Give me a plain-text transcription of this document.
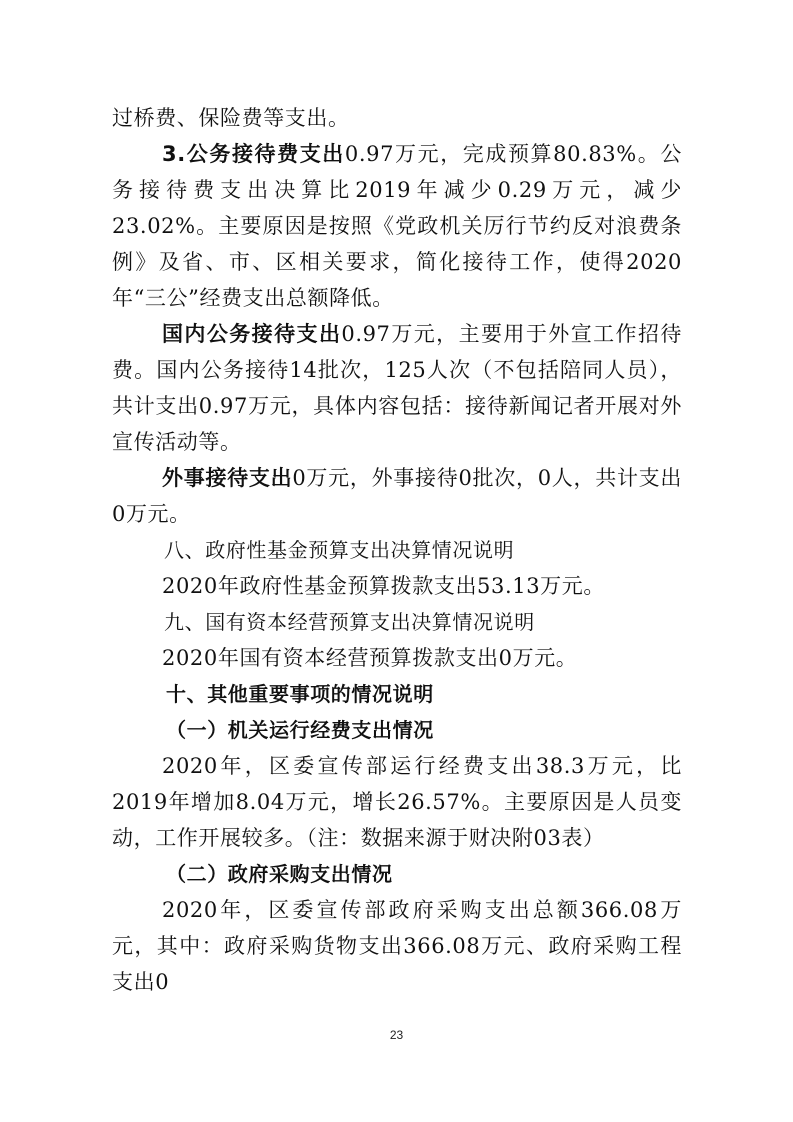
过桥费、保险费等支出。

3.公务接待费支出0.97万元，完成预算80.83%。公务接待费支出决算比2019年减少0.29万元，减少23.02%。主要原因是按照《党政机关厉行节约反对浪费条例》及省、市、区相关要求，简化接待工作，使得2020年“三公”经费支出总额降低。

国内公务接待支出0.97万元，主要用于外宣工作招待费。国内公务接待14批次，125人次（不包括陪同人员），共计支出0.97万元，具体内容包括：接待新闻记者开展对外宣传活动等。

外事接待支出0万元，外事接待0批次，0人，共计支出0万元。

八、政府性基金预算支出决算情况说明

2020年政府性基金预算拨款支出53.13万元。

九、国有资本经营预算支出决算情况说明

2020年国有资本经营预算拨款支出0万元。

十、其他重要事项的情况说明

（一）机关运行经费支出情况

2020年，区委宣传部运行经费支出38.3万元，比2019年增加8.04万元，增长26.57%。主要原因是人员变动，工作开展较多。（注：数据来源于财决附03表）

（二）政府采购支出情况

2020年，区委宣传部政府采购支出总额366.08万元，其中：政府采购货物支出366.08万元、政府采购工程支出0

23
